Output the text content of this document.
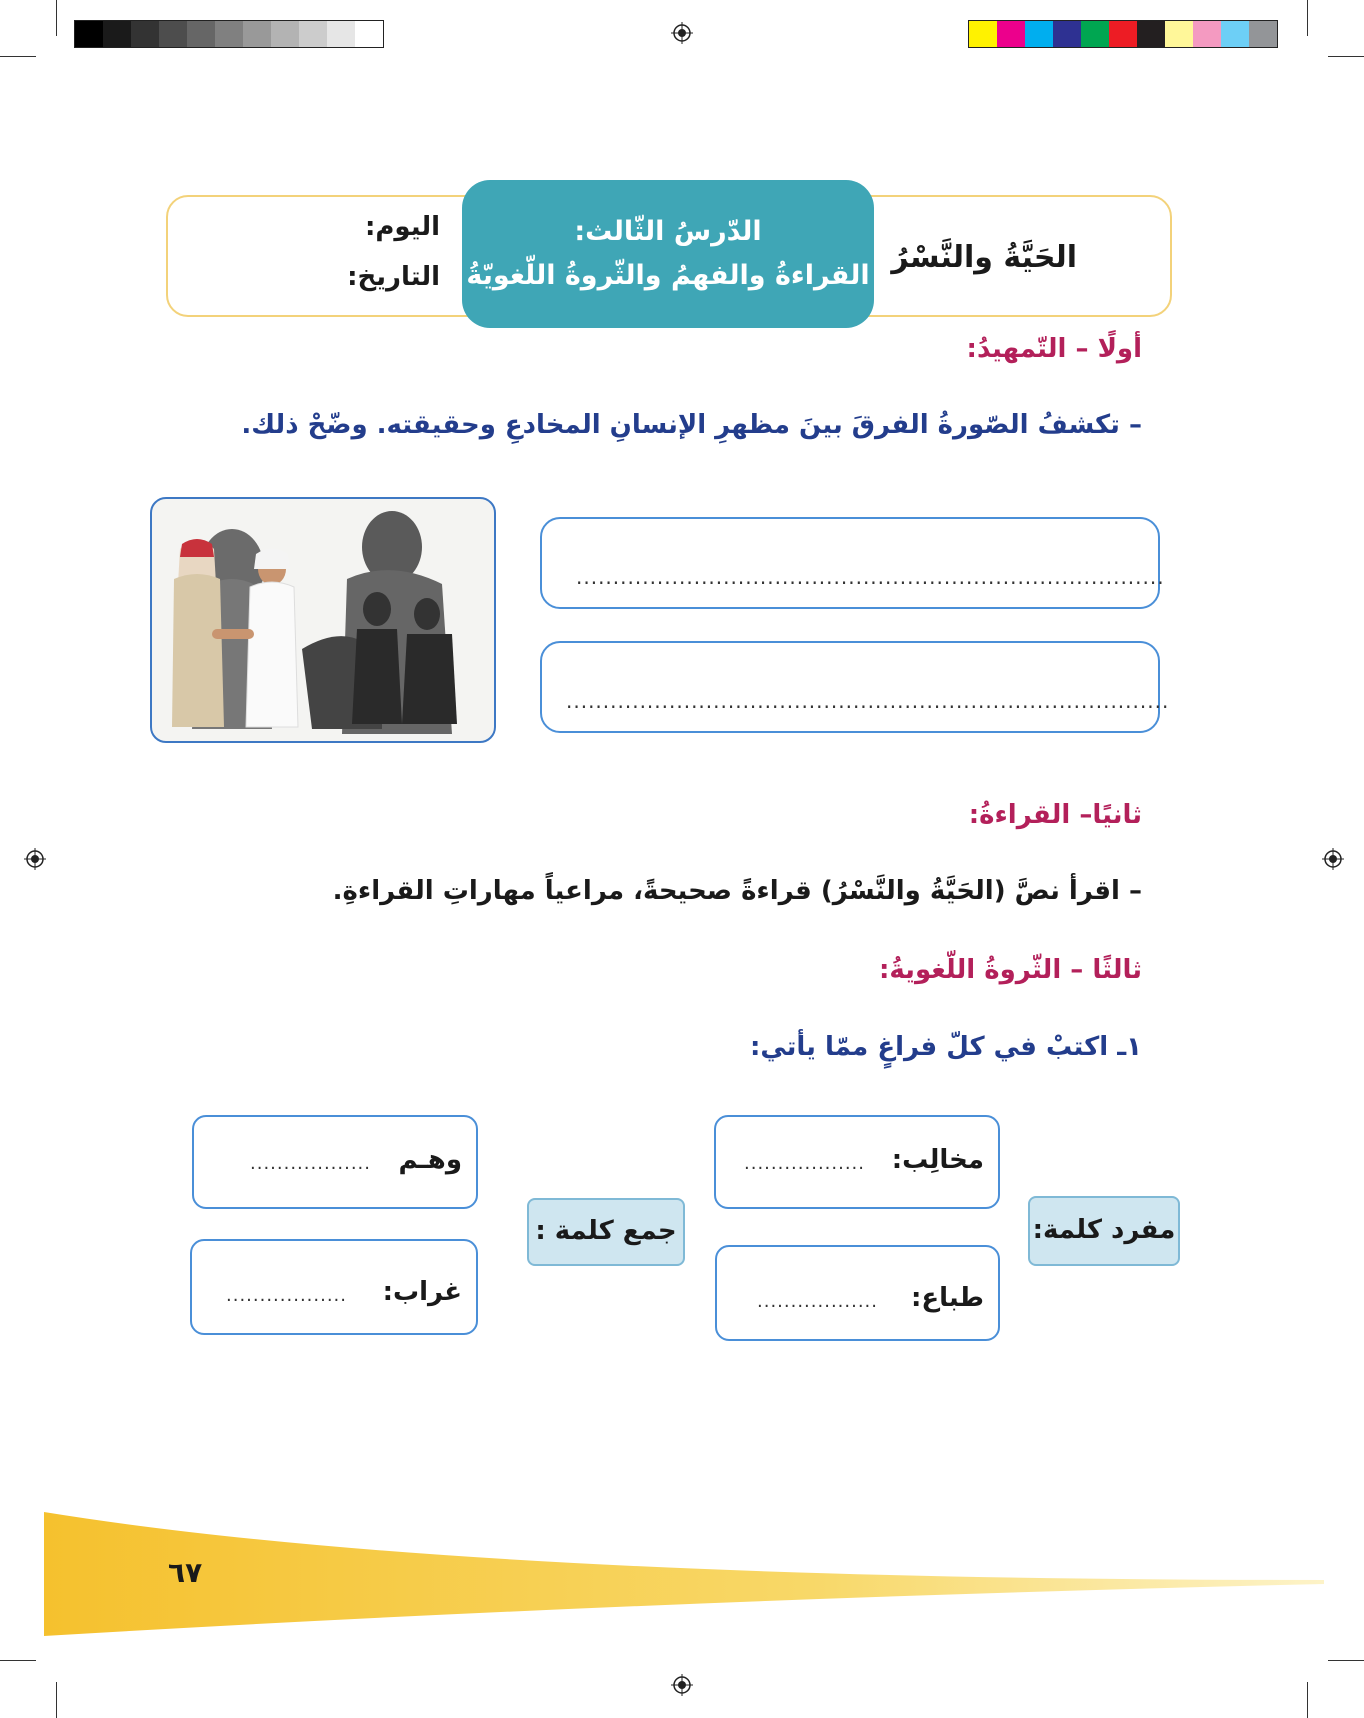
الحَيَّةُ والنَّسْرُ
الدّرسُ الثّالث:
القراءةُ والفهمُ والثّروةُ اللّغويّةُ
اليوم:
التاريخ:
أولًا – التّمهيدُ:
– تكشفُ الصّورةُ الفرقَ بينَ مظهرِ الإنسانِ المخادعِ وحقيقته. وضّحْ ذلك.
................................................................................
..................................................................................
ثانيًا– القراءةُ:
– اقرأ نصَّ (الحَيَّةُ والنَّسْرُ) قراءةً صحيحةً، مراعياً مهاراتِ القراءةِ.
ثالثًا – الثّروةُ اللّغويةُ:
١ـ اكتبْ في كلّ فراغٍ ممّا يأتي:
مفرد كلمة:
جمع كلمة :
مخالِب:
..................
طباع:
..................
وهـم
..................
غراب:
..................
٦٧
